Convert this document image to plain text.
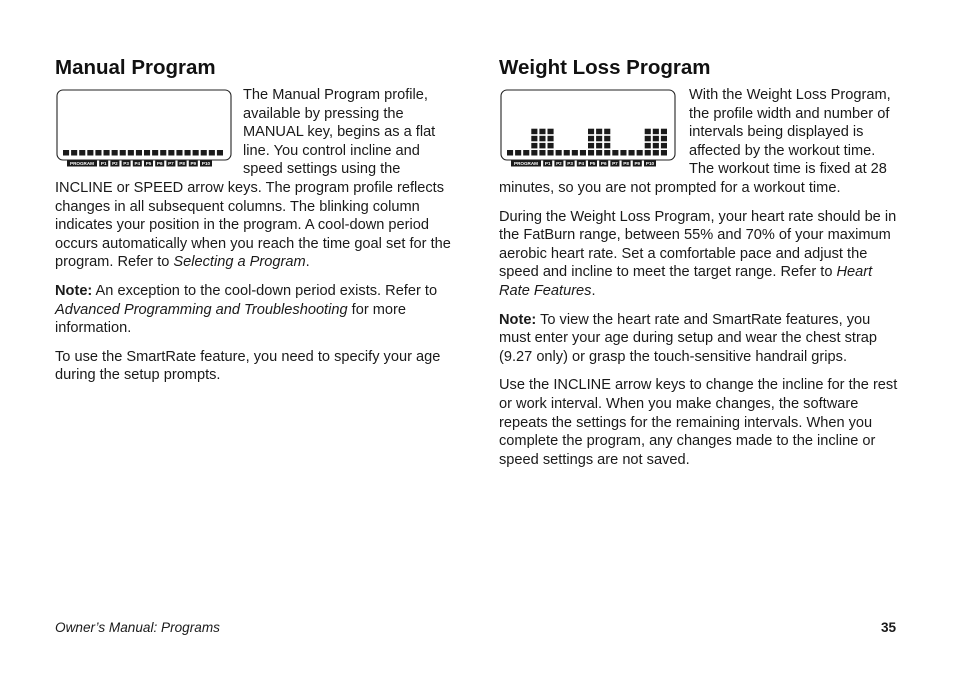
Manual Program
PROGRAM P1 P2 P3 P4 P5 P6 P7 P8 P9 P10

The Manual Program profile, available by pressing the MANUAL key, begins as a flat line. You control incline and speed settings using the INCLINE or SPEED arrow keys. The program profile reflects changes in all subsequent columns. The blinking column indicates your position in the program. A cool-down period occurs automatically when you reach the time goal set for the program. Refer to Selecting a Program.

Note: An exception to the cool-down period exists. Refer to Advanced Programming and Troubleshooting for more information.

To use the SmartRate feature, you need to specify your age during the setup prompts.

Weight Loss Program
PROGRAM P1 P2 P3 P4 P5 P6 P7 P8 P9 P10

With the Weight Loss Program, the profile width and number of intervals being displayed is affected by the workout time. The workout time is fixed at 28 minutes, so you are not prompted for a workout time.

During the Weight Loss Program, your heart rate should be in the FatBurn range, between 55% and 70% of your maximum aerobic heart rate. Set a comfortable pace and adjust the speed and incline to meet the target range. Refer to Heart Rate Features.

Note: To view the heart rate and SmartRate features, you must enter your age during setup and wear the chest strap (9.27 only) or grasp the touch-sensitive handrail grips.

Use the INCLINE arrow keys to change the incline for the rest or work interval. When you make changes, the software repeats the settings for the remaining intervals. When you complete the program, any changes made to the incline or speed settings are not saved.

Owner’s Manual: Programs	35
